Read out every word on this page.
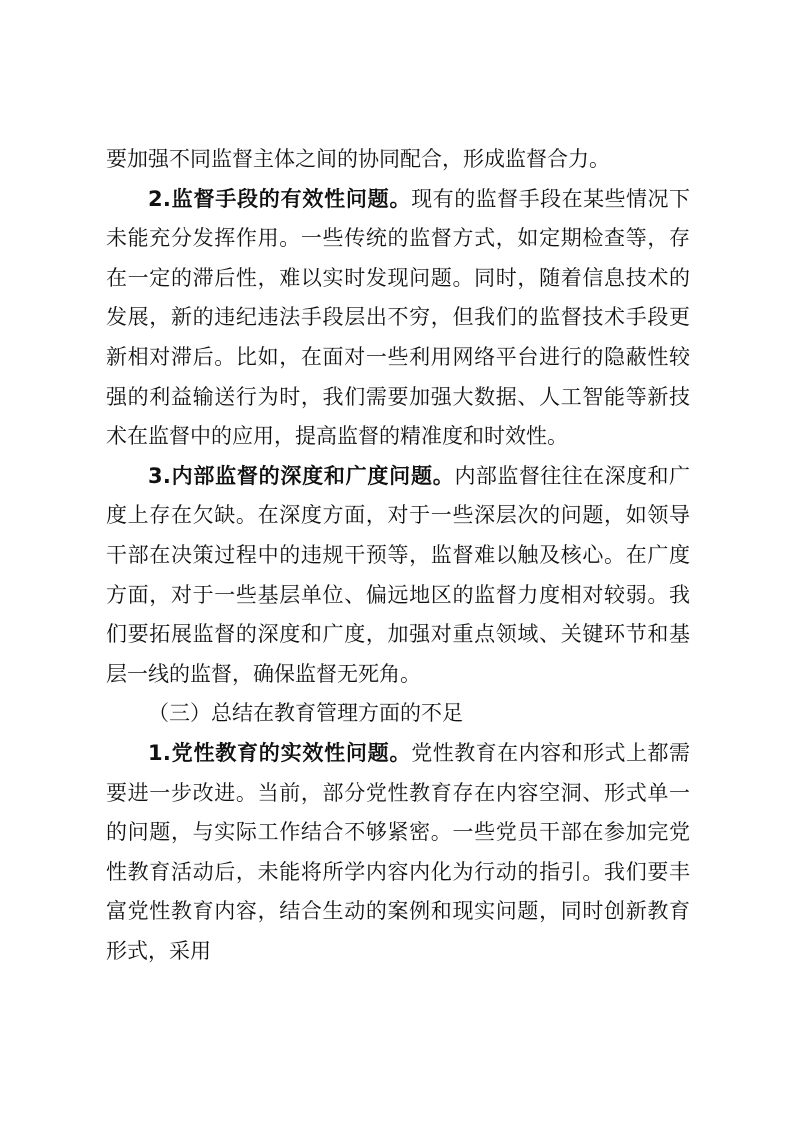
要加强不同监督主体之间的协同配合，形成监督合力。

2.监督手段的有效性问题。现有的监督手段在某些情况下未能充分发挥作用。一些传统的监督方式，如定期检查等，存在一定的滞后性，难以实时发现问题。同时，随着信息技术的发展，新的违纪违法手段层出不穷，但我们的监督技术手段更新相对滞后。比如，在面对一些利用网络平台进行的隐蔽性较强的利益输送行为时，我们需要加强大数据、人工智能等新技术在监督中的应用，提高监督的精准度和时效性。

3.内部监督的深度和广度问题。内部监督往往在深度和广度上存在欠缺。在深度方面，对于一些深层次的问题，如领导干部在决策过程中的违规干预等，监督难以触及核心。在广度方面，对于一些基层单位、偏远地区的监督力度相对较弱。我们要拓展监督的深度和广度，加强对重点领域、关键环节和基层一线的监督，确保监督无死角。

（三）总结在教育管理方面的不足

1.党性教育的实效性问题。党性教育在内容和形式上都需要进一步改进。当前，部分党性教育存在内容空洞、形式单一的问题，与实际工作结合不够紧密。一些党员干部在参加完党性教育活动后，未能将所学内容内化为行动的指引。我们要丰富党性教育内容，结合生动的案例和现实问题，同时创新教育形式，采用
